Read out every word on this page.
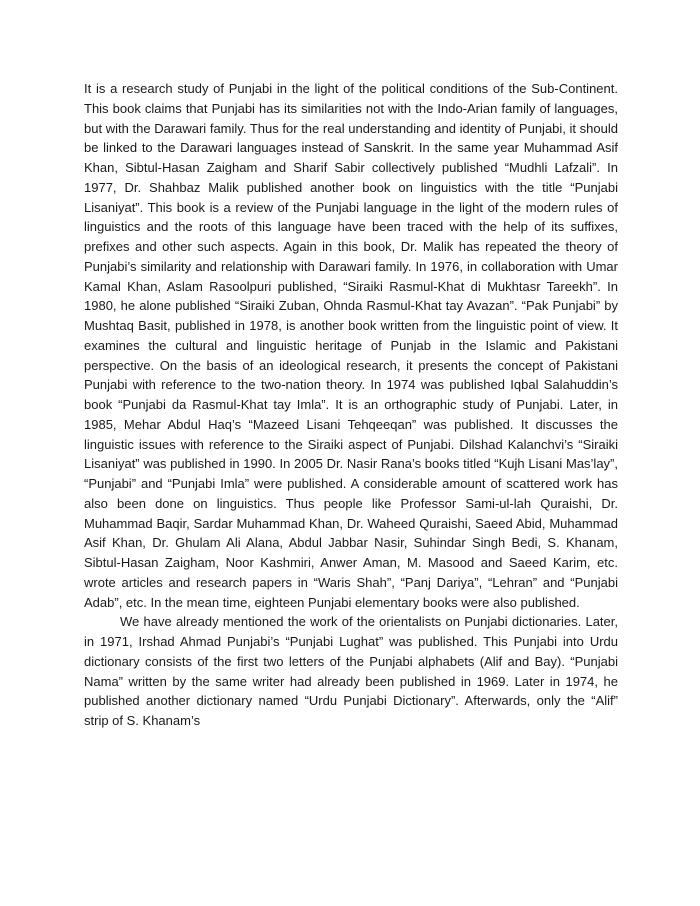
It is a research study of Punjabi in the light of the political conditions of the Sub-Continent. This book claims that Punjabi has its similarities not with the Indo-Arian family of languages, but with the Darawari family. Thus for the real understanding and identity of Punjabi, it should be linked to the Darawari languages instead of Sanskrit. In the same year Muhammad Asif Khan, Sibtul-Hasan Zaigham and Sharif Sabir collectively published “Mudhli Lafzali”. In 1977, Dr. Shahbaz Malik published another book on linguistics with the title “Punjabi Lisaniyat”. This book is a review of the Punjabi language in the light of the modern rules of linguistics and the roots of this language have been traced with the help of its suffixes, prefixes and other such aspects. Again in this book, Dr. Malik has repeated the theory of Punjabi’s similarity and relationship with Darawari family. In 1976, in collaboration with Umar Kamal Khan, Aslam Rasoolpuri published, “Siraiki Rasmul-Khat di Mukhtasr Tareekh”. In 1980, he alone published “Siraiki Zuban, Ohnda Rasmul-Khat tay Avazan”. “Pak Punjabi” by Mushtaq Basit, published in 1978, is another book written from the linguistic point of view. It examines the cultural and linguistic heritage of Punjab in the Islamic and Pakistani perspective. On the basis of an ideological research, it presents the concept of Pakistani Punjabi with reference to the two-nation theory. In 1974 was published Iqbal Salahuddin’s book “Punjabi da Rasmul-Khat tay Imla”. It is an orthographic study of Punjabi. Later, in 1985, Mehar Abdul Haq’s “Mazeed Lisani Tehqeeqan” was published. It discusses the linguistic issues with reference to the Siraiki aspect of Punjabi. Dilshad Kalanchvi’s “Siraiki Lisaniyat” was published in 1990. In 2005 Dr. Nasir Rana’s books titled “Kujh Lisani Mas’lay”, “Punjabi” and “Punjabi Imla” were published. A considerable amount of scattered work has also been done on linguistics. Thus people like Professor Sami-ul-lah Quraishi, Dr. Muhammad Baqir, Sardar Muhammad Khan, Dr. Waheed Quraishi, Saeed Abid, Muhammad Asif Khan, Dr. Ghulam Ali Alana, Abdul Jabbar Nasir, Suhindar Singh Bedi, S. Khanam, Sibtul-Hasan Zaigham, Noor Kashmiri, Anwer Aman, M. Masood and Saeed Karim, etc. wrote articles and research papers in “Waris Shah”, “Panj Dariya”, “Lehran” and “Punjabi Adab”, etc. In the mean time, eighteen Punjabi elementary books were also published.

We have already mentioned the work of the orientalists on Punjabi dictionaries. Later, in 1971, Irshad Ahmad Punjabi’s “Punjabi Lughat” was published. This Punjabi into Urdu dictionary consists of the first two letters of the Punjabi alphabets (Alif and Bay). “Punjabi Nama” written by the same writer had already been published in 1969. Later in 1974, he published another dictionary named “Urdu Punjabi Dictionary”. Afterwards, only the “Alif” strip of S. Khanam’s
